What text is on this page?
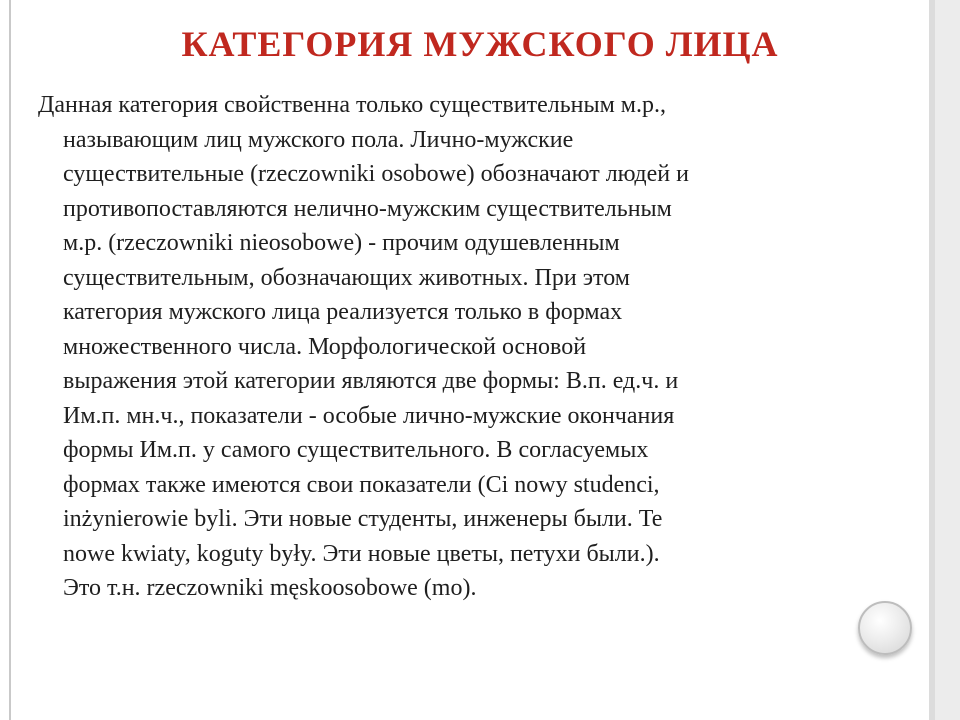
КАТЕГОРИЯ МУЖСКОГО ЛИЦА

Данная категория свойственна только существительным м.р.,
называющим лиц мужского пола. Лично-мужские
существительные (rzeczowniki osobowe) обозначают людей и
противопоставляются нелично-мужским существительным
м.р. (rzeczowniki nieosobowe) - прочим одушевленным
существительным, обозначающих животных. При этом
категория мужского лица реализуется только в формах
множественного числа. Морфологической основой
выражения этой категории являются две формы: В.п. ед.ч. и
Им.п. мн.ч., показатели - особые лично-мужские окончания
формы Им.п. у самого существительного. В согласуемых
формах также имеются свои показатели (Ci nowy studenci,
inżynierowie byli. Эти новые студенты, инженеры были. Te
nowe kwiaty, koguty były. Эти новые цветы, петухи были.).
Это т.н. rzeczowniki męskoosobowe (mo).
